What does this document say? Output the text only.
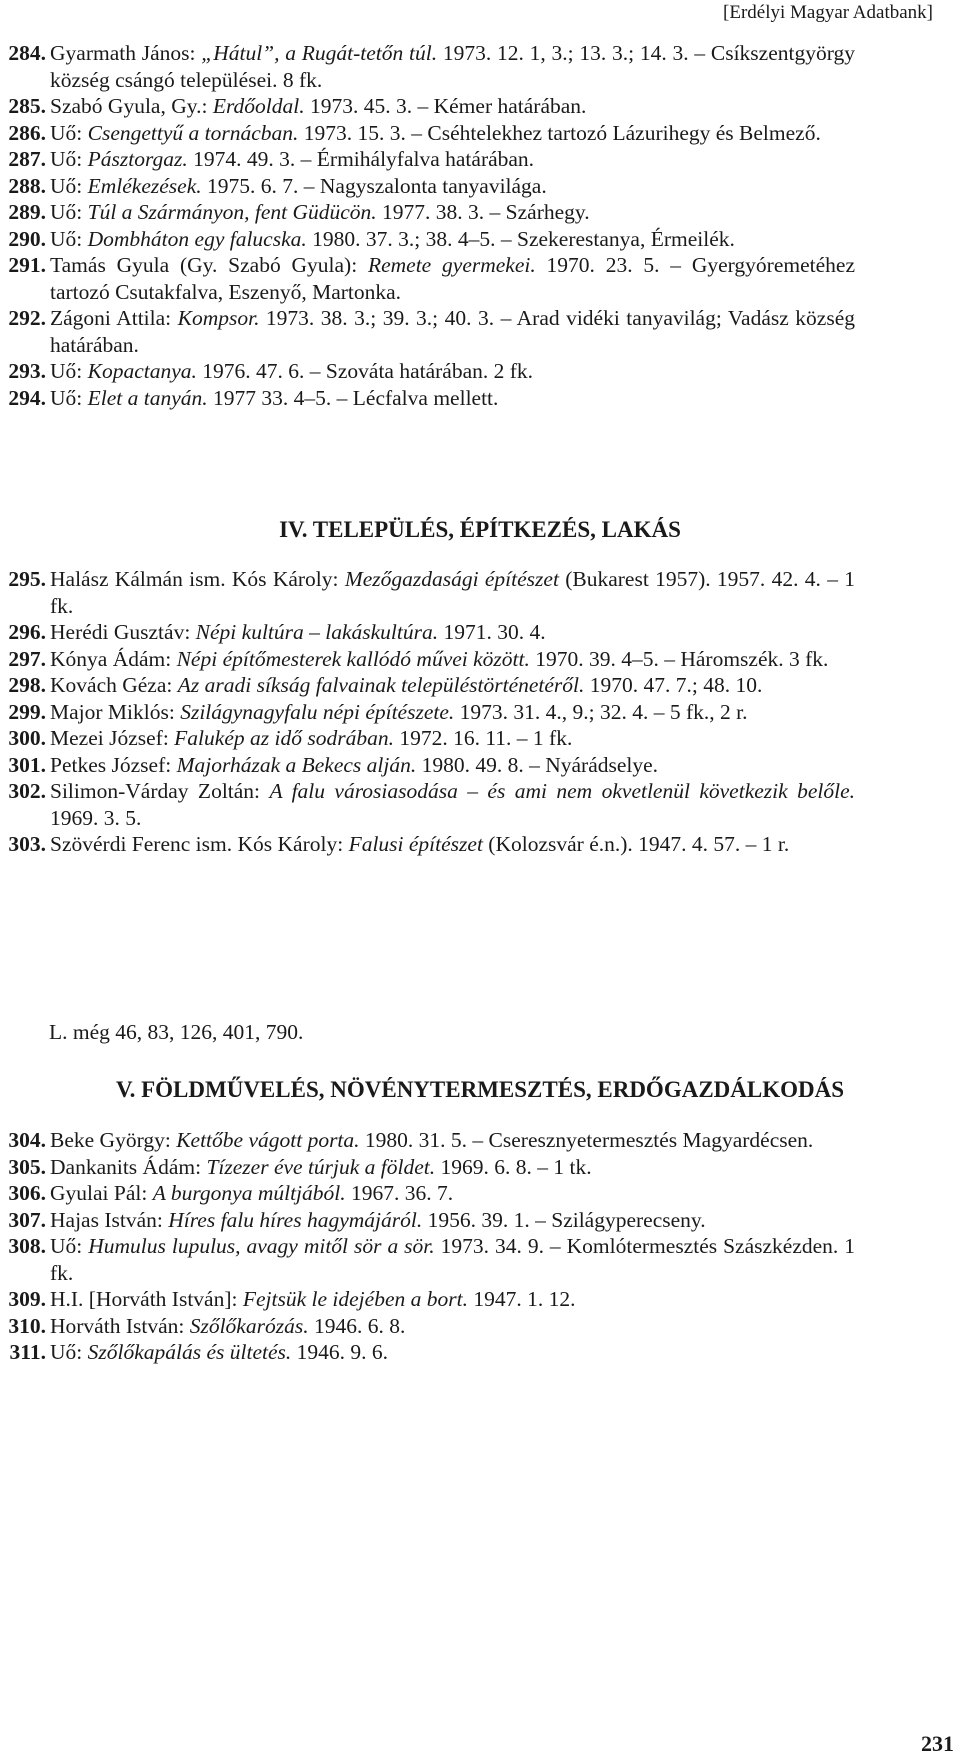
[Erdélyi Magyar Adatbank]
284. Gyarmath János: „Hátul”, a Rugát-tetőn túl. 1973. 12. 1, 3.; 13. 3.; 14. 3. – Csíkszentgyörgy község csángó települései. 8 fk.
285. Szabó Gyula, Gy.: Erdőoldal. 1973. 45. 3. – Kémer határában.
286. Uő: Csengettyű a tornácban. 1973. 15. 3. – Cséhtelekhez tartozó Lázurihegy és Belmező.
287. Uő: Pásztorgaz. 1974. 49. 3. – Érmihályfalva határában.
288. Uő: Emlékezések. 1975. 6. 7. – Nagyszalonta tanyavilága.
289. Uő: Túl a Szármányon, fent Güdücön. 1977. 38. 3. – Szárhegy.
290. Uő: Dombháton egy falucska. 1980. 37. 3.; 38. 4–5. – Szekerestanya, Érmeilék.
291. Tamás Gyula (Gy. Szabó Gyula): Remete gyermekei. 1970. 23. 5. – Gyergyóremetéhez tartozó Csutakfalva, Eszenyő, Martonka.
292. Zágoni Attila: Kompsor. 1973. 38. 3.; 39. 3.; 40. 3. – Arad vidéki tanyavilág; Vadász község határában.
293. Uő: Kopactanya. 1976. 47. 6. – Szováta határában. 2 fk.
294. Uő: Elet a tanyán. 1977 33. 4–5. – Lécfalva mellett.
IV. TELEPÜLÉS, ÉPÍTKEZÉS, LAKÁS
295. Halász Kálmán ism. Kós Károly: Mezőgazdasági építészet (Bukarest 1957). 1957. 42. 4. – 1 fk.
296. Herédi Gusztáv: Népi kultúra – lakáskultúra. 1971. 30. 4.
297. Kónya Ádám: Népi építőmesterek kallódó művei között. 1970. 39. 4–5. – Háromszék. 3 fk.
298. Kovách Géza: Az aradi síkság falvainak településtörténetéről. 1970. 47. 7.; 48. 10.
299. Major Miklós: Szilágynagyfalu népi építészete. 1973. 31. 4., 9.; 32. 4. – 5 fk., 2 r.
300. Mezei József: Falukép az idő sodrában. 1972. 16. 11. – 1 fk.
301. Petkes József: Majorházak a Bekecs alján. 1980. 49. 8. – Nyárádselye.
302. Silimon-Várday Zoltán: A falu városiasodása – és ami nem okvetlenül következik belőle. 1969. 3. 5.
303. Szövérdi Ferenc ism. Kós Károly: Falusi építészet (Kolozsvár é.n.). 1947. 4. 57. – 1 r.
L. még 46, 83, 126, 401, 790.
V. FÖLDMŰVELÉS, NÖVÉNYTERMESZTÉS, ERDŐGAZDÁLKODÁS
304. Beke György: Kettőbe vágott porta. 1980. 31. 5. – Cseresznyetermesztés Magyardécsen.
305. Dankanits Ádám: Tízezer éve túrjuk a földet. 1969. 6. 8. – 1 tk.
306. Gyulai Pál: A burgonya múltjából. 1967. 36. 7.
307. Hajas István: Híres falu híres hagymájáról. 1956. 39. 1. – Szilágyperecseny.
308. Uő: Humulus lupulus, avagy mitől sör a sör. 1973. 34. 9. – Komlótermesztés Szászkézden. 1 fk.
309. H.I. [Horváth István]: Fejtsük le idejében a bort. 1947. 1. 12.
310. Horváth István: Szőlőkarózás. 1946. 6. 8.
311. Uő: Szőlőkapálás és ültetés. 1946. 9. 6.
231
